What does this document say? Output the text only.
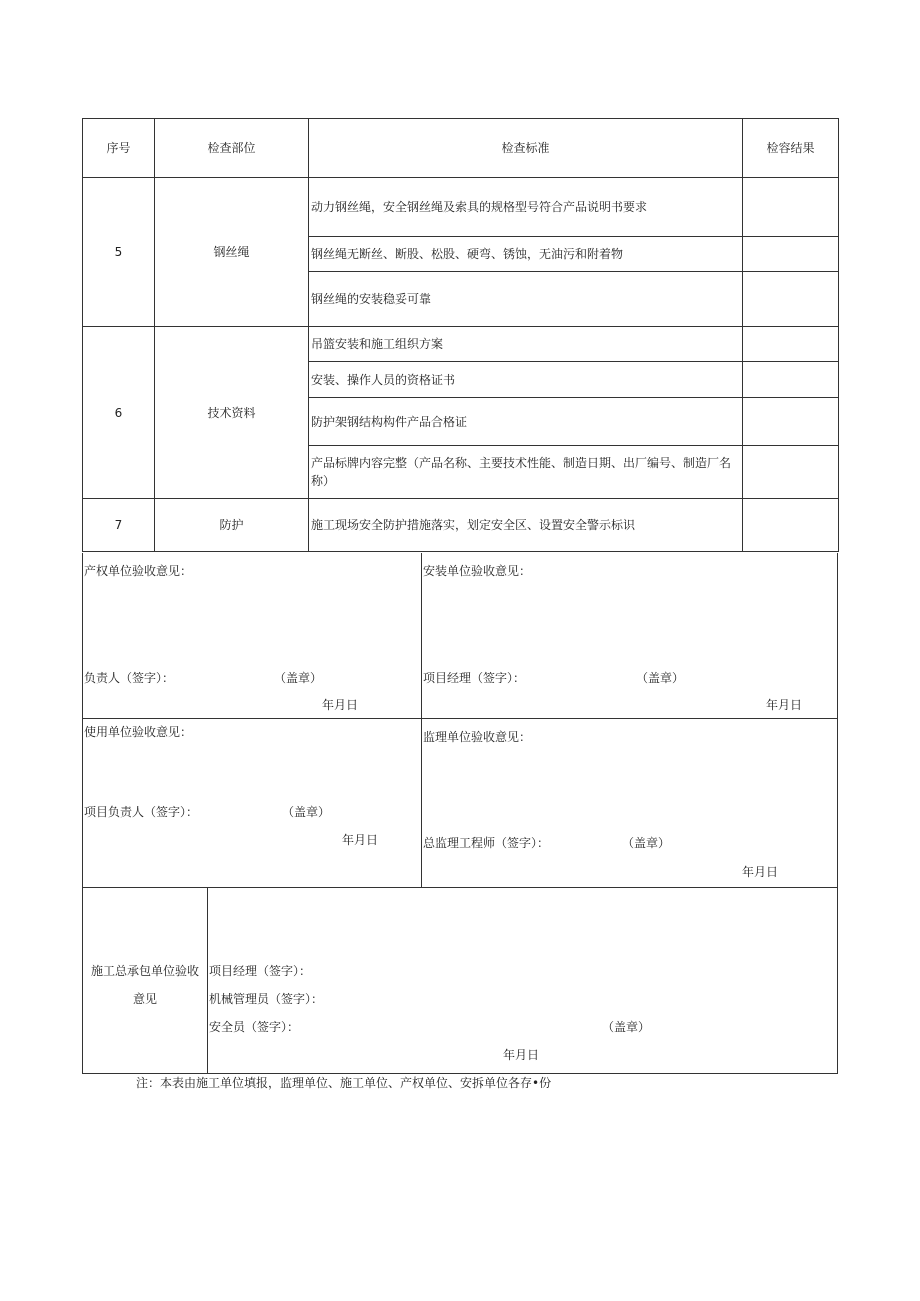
序号	检查部位	检查标准	检容结果
5	钢丝绳	动力钢丝绳，安全钢丝绳及索具的规格型号符合产品说明书要求	
		钢丝绳无断丝、断股、松股、硬弯、锈蚀，无油污和附着物	
		钢丝绳的安装稳妥可靠	
6	技术资料	吊篮安装和施工组织方案	
		安装、操作人员的资格证书	
		防护架钢结构构件产品合格证	
		产品标牌内容完整（产品名称、主要技术性能、制造日期、出厂编号、制造厂名称）	
7	防护	施工现场安全防护措施落实，划定安全区、设置安全警示标识	
产权单位验收意见：
负责人（签字）：	（盖章）
年月日
安装单位验收意见：
项目经理（签字）：	（盖章）
年月日
使用单位验收意见：
项目负责人（签字）：	（盖章）
年月日
监理单位验收意见：
总监理工程师（签字）：	（盖章）
年月日
施工总承包单位验收
意见
项目经理（签字）：
机械管理员（签字）：
安全员（签字）：	（盖章）
年月日
注：本表由施工单位填报，监理单位、施工单位、产权单位、安拆单位各存•份
